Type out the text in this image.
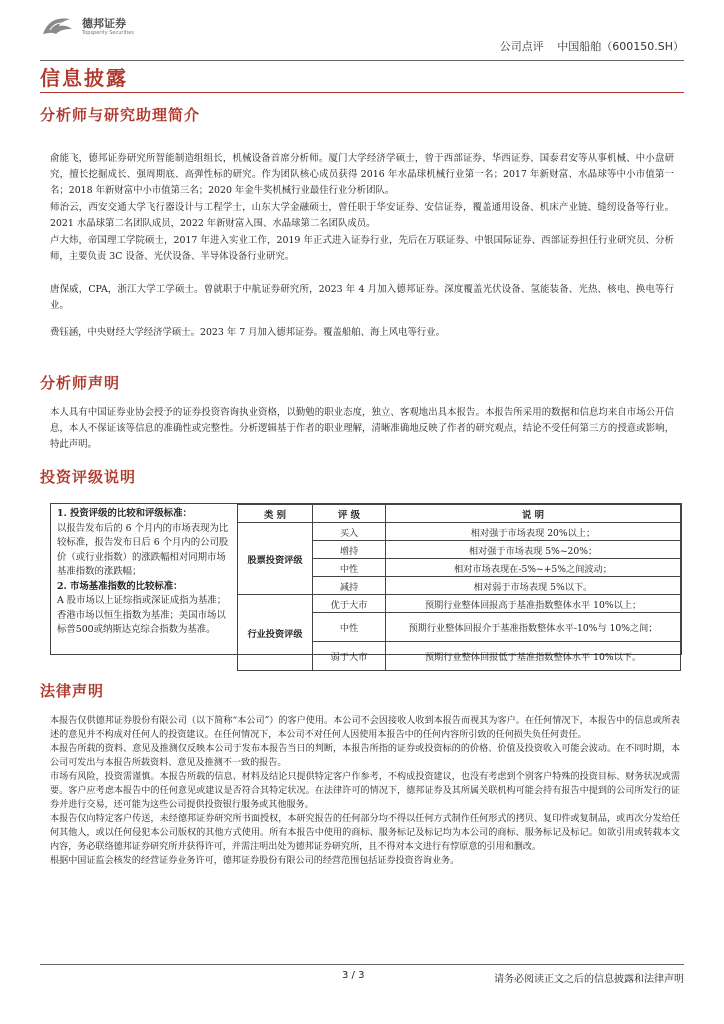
德邦证券
Topsperity Securities
公司点评 中国船舶（600150.SH）
信息披露
分析师与研究助理简介
俞能飞，德邦证券研究所智能制造组组长，机械设备首席分析师。厦门大学经济学硕士，曾于西部证券、华西证券、国泰君安等从事机械、中小盘研究，擅长挖掘成长、强周期底、高弹性标的研究。作为团队核心成员获得 2016 年水晶球机械行业第一名；2017 年新财富、水晶球等中小市值第一名；2018 年新财富中小市值第三名；2020 年金牛奖机械行业最佳行业分析团队。
师治云，西安交通大学飞行器设计与工程学士，山东大学金融硕士，曾任职于华安证券、安信证券，覆盖通用设备、机床产业链、缝纫设备等行业。2021 水晶球第二名团队成员，2022 年新财富入围、水晶球第二名团队成员。
卢大炜，帝国理工学院硕士，2017 年进入实业工作，2019 年正式进入证券行业，先后在万联证券、中银国际证券、西部证券担任行业研究员、分析师，主要负责 3C 设备、光伏设备、半导体设备行业研究。
唐保威，CPA，浙江大学工学硕士。曾就职于中航证券研究所，2023 年 4 月加入德邦证券。深度覆盖光伏设备、氢能装备、光热、核电、换电等行业。
费钰涵，中央财经大学经济学硕士。2023 年 7 月加入德邦证券。覆盖船舶、海上风电等行业。
分析师声明
本人具有中国证券业协会授予的证券投资咨询执业资格，以勤勉的职业态度，独立、客观地出具本报告。本报告所采用的数据和信息均来自市场公开信息，本人不保证该等信息的准确性或完整性。分析逻辑基于作者的职业理解，清晰准确地反映了作者的研究观点，结论不受任何第三方的授意或影响，特此声明。
投资评级说明

1. 投资评级的比较和评级标准：

以报告发布后的 6 个月内的市场表现为比较标准，报告发布日后 6 个月内的公司股价（或行业指数）的涨跌幅相对同期市场基准指数的涨跌幅；

2. 市场基准指数的比较标准：

A 股市场以上证综指或深证成指为基准；香港市场以恒生指数为基准；美国市场以标普500或纳斯达克综合指数为基准。

类 别	评 级	说 明
股票投资评级	买入	相对强于市场表现 20%以上；
	增持	相对强于市场表现 5%~20%；
	中性	相对市场表现在-5%~+5%之间波动；
	减持	相对弱于市场表现 5%以下。
行业投资评级	优于大市	预期行业整体回报高于基准指数整体水平 10%以上；
	中性	预期行业整体回报介于基准指数整体水平-10%与 10%之间；
	弱于大市	预期行业整体回报低于基准指数整体水平 10%以下。
法律声明

本报告仅供德邦证券股份有限公司（以下简称“本公司”）的客户使用。本公司不会因接收人收到本报告而视其为客户。在任何情况下，本报告中的信息或所表述的意见并不构成对任何人的投资建议。在任何情况下，本公司不对任何人因使用本报告中的任何内容所引致的任何损失负任何责任。

本报告所载的资料、意见及推测仅反映本公司于发布本报告当日的判断，本报告所指的证券或投资标的的价格、价值及投资收入可能会波动。在不同时期，本公司可发出与本报告所载资料、意见及推测不一致的报告。

市场有风险，投资需谨慎。本报告所载的信息、材料及结论只提供特定客户作参考，不构成投资建议，也没有考虑到个别客户特殊的投资目标、财务状况或需要。客户应考虑本报告中的任何意见或建议是否符合其特定状况。在法律许可的情况下，德邦证券及其所属关联机构可能会持有报告中提到的公司所发行的证券并进行交易，还可能为这些公司提供投资银行服务或其他服务。

本报告仅向特定客户传送，未经德邦证券研究所书面授权，本研究报告的任何部分均不得以任何方式制作任何形式的拷贝、复印件或复制品，或再次分发给任何其他人，或以任何侵犯本公司版权的其他方式使用。所有本报告中使用的商标、服务标记及标记均为本公司的商标、服务标记及标记。如欲引用或转载本文内容，务必联络德邦证券研究所并获得许可，并需注明出处为德邦证券研究所，且不得对本文进行有悖原意的引用和删改。

根据中国证监会核发的经营证券业务许可，德邦证券股份有限公司的经营范围包括证券投资咨询业务。

3 / 3	请务必阅读正文之后的信息披露和法律声明
